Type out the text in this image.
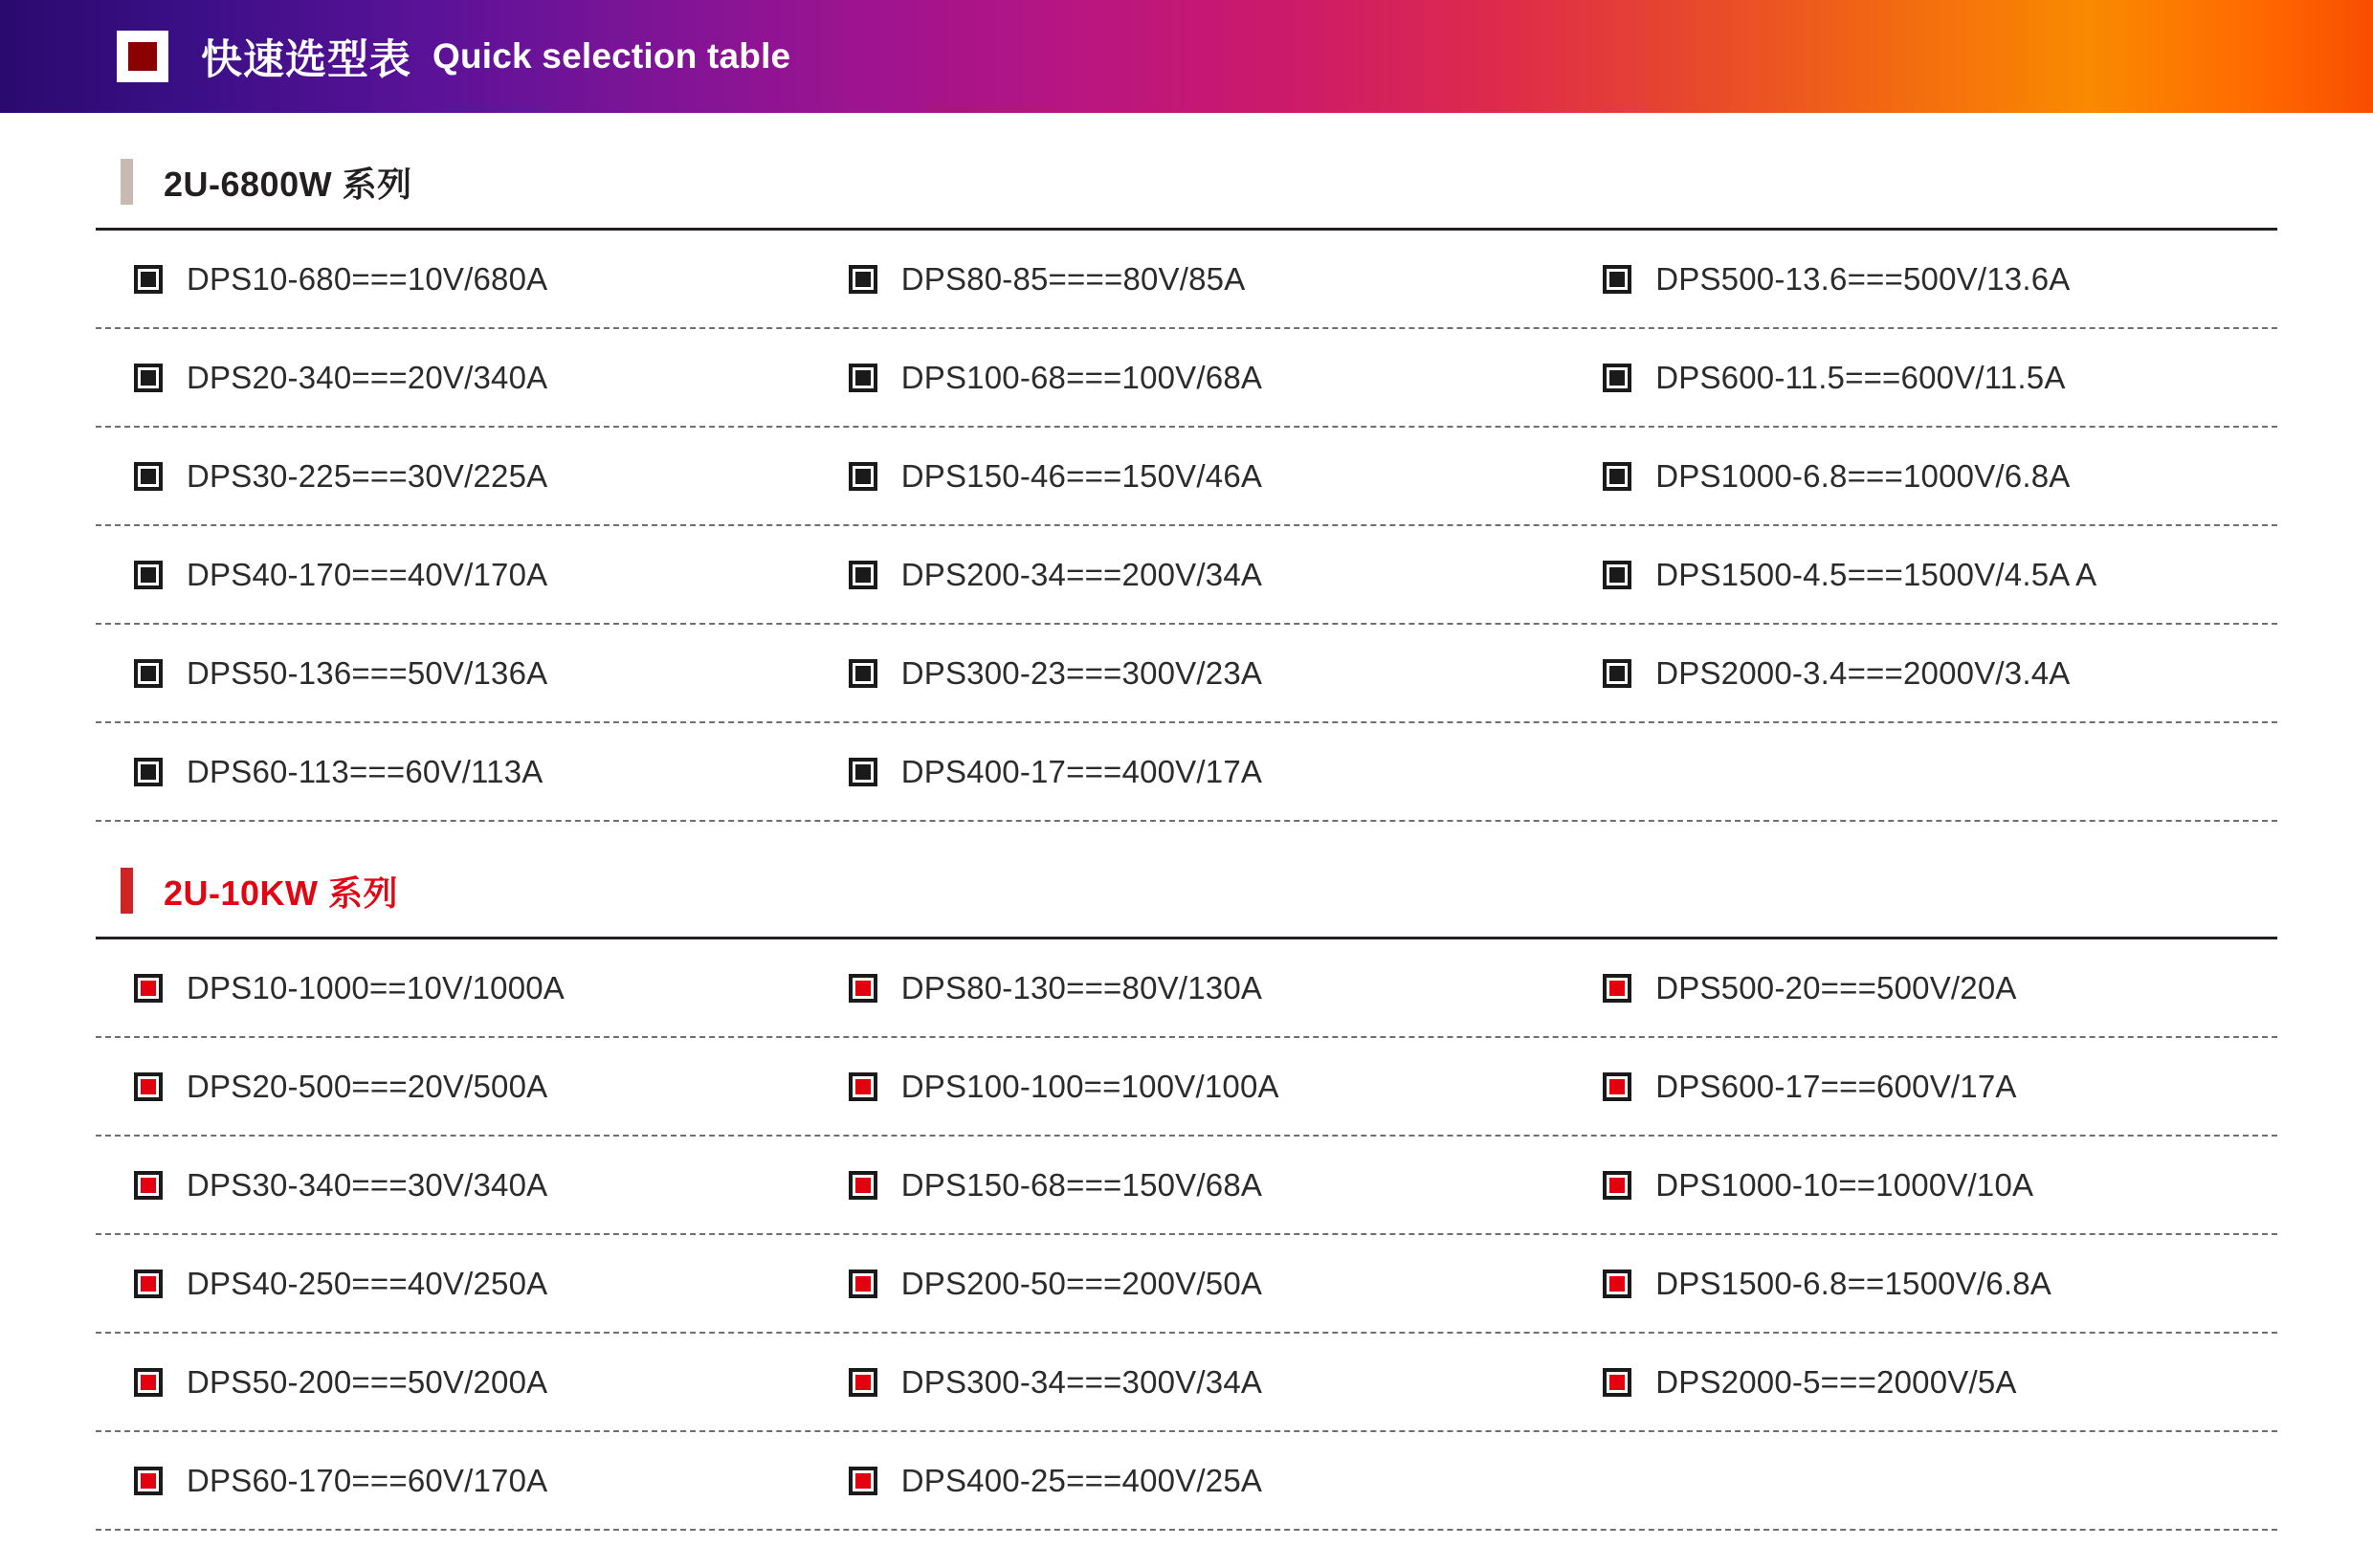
快速选型表 Quick selection table
2U-6800W 系列
DPS10-680===10V/680A	DPS80-85====80V/85A	DPS500-13.6===500V/13.6A
DPS20-340===20V/340A	DPS100-68===100V/68A	DPS600-11.5===600V/11.5A
DPS30-225===30V/225A	DPS150-46===150V/46A	DPS1000-6.8===1000V/6.8A
DPS40-170===40V/170A	DPS200-34===200V/34A	DPS1500-4.5===1500V/4.5A A
DPS50-136===50V/136A	DPS300-23===300V/23A	DPS2000-3.4===2000V/3.4A
DPS60-113===60V/113A	DPS400-17===400V/17A
2U-10KW 系列
DPS10-1000==10V/1000A	DPS80-130===80V/130A	DPS500-20===500V/20A
DPS20-500===20V/500A	DPS100-100==100V/100A	DPS600-17===600V/17A
DPS30-340===30V/340A	DPS150-68===150V/68A	DPS1000-10==1000V/10A
DPS40-250===40V/250A	DPS200-50===200V/50A	DPS1500-6.8==1500V/6.8A
DPS50-200===50V/200A	DPS300-34===300V/34A	DPS2000-5===2000V/5A
DPS60-170===60V/170A	DPS400-25===400V/25A
